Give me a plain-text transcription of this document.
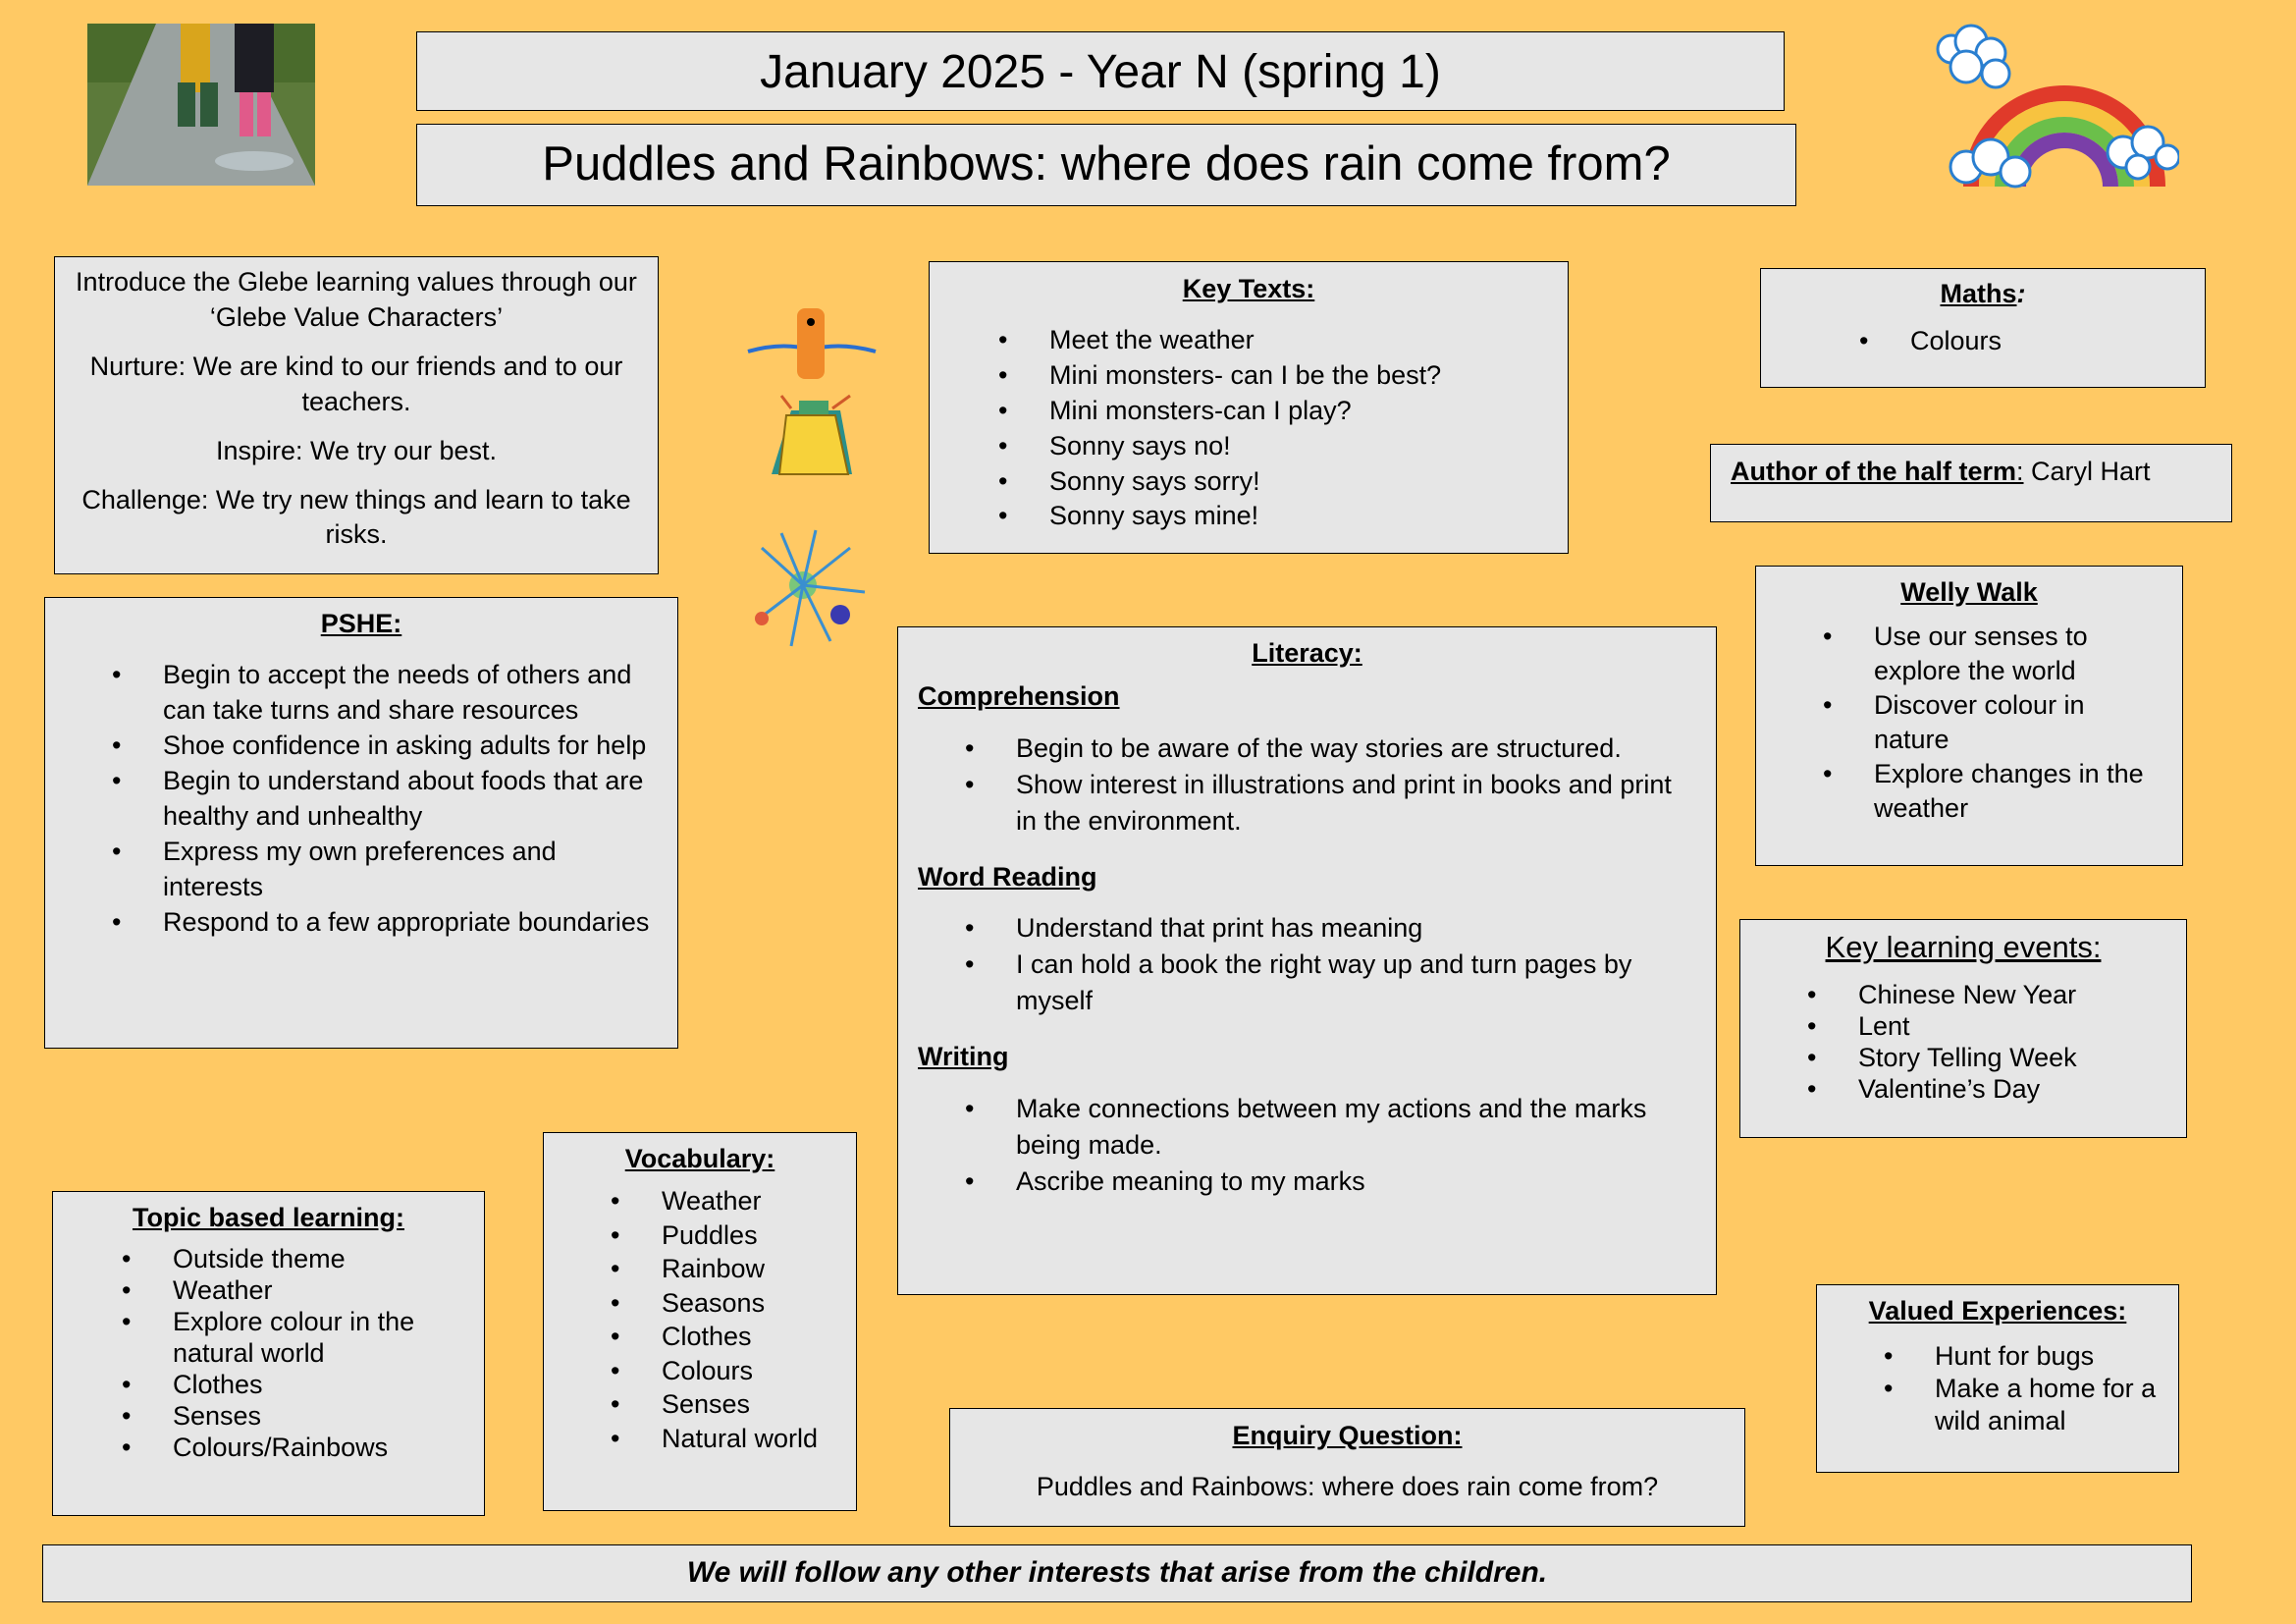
January 2025 - Year N (spring 1)
Puddles and Rainbows: where does rain come from?

Introduce the Glebe learning values through our ‘Glebe Value Characters’

Nurture: We are kind to our friends and to our teachers.

Inspire: We try our best.

Challenge: We try new things and learn to take risks.

Key Texts:
• Meet the weather
• Mini monsters- can I be the best?
• Mini monsters-can I play?
• Sonny says no!
• Sonny says sorry!
• Sonny says mine!
Maths:
• Colours
Author of the half term: Caryl Hart
PSHE:
• Begin to accept the needs of others and can take turns and share resources
• Shoe confidence in asking adults for help
• Begin to understand about foods that are healthy and unhealthy
• Express my own preferences and interests
• Respond to a few appropriate boundaries
Welly Walk
• Use our senses to explore the world
• Discover colour in nature
• Explore changes in the weather
Literacy:
Comprehension
• Begin to be aware of the way stories are structured.
• Show interest in illustrations and print in books and print in the environment.
Word Reading
• Understand that print has meaning
• I can hold a book the right way up and turn pages by myself
Writing
• Make connections between my actions and the marks being made.
• Ascribe meaning to my marks
Key learning events:
• Chinese New Year
• Lent
• Story Telling Week
• Valentine’s Day
Vocabulary:
• Weather
• Puddles
• Rainbow
• Seasons
• Clothes
• Colours
• Senses
• Natural world
Topic based learning:
• Outside theme
• Weather
• Explore colour in the natural world
• Clothes
• Senses
• Colours/Rainbows
Valued Experiences:
• Hunt for bugs
• Make a home for a wild animal
Enquiry Question:
Puddles and Rainbows: where does rain come from?
We will follow any other interests that arise from the children.
